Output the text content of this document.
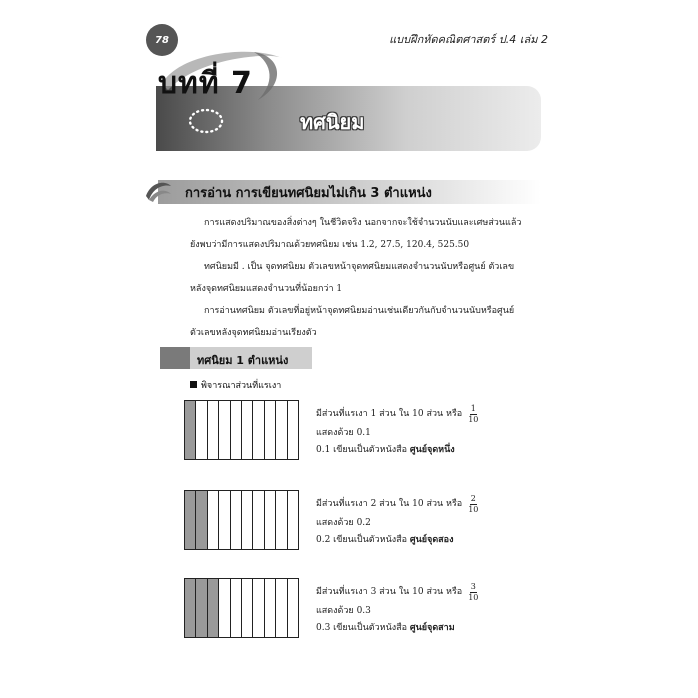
78	แบบฝึกหัดคณิตศาสตร์ ป.4 เล่ม 2
บทที่ 7
ทศนิยม
การอ่าน การเขียนทศนิยมไม่เกิน 3 ตำแหน่ง
การแสดงปริมาณของสิ่งต่างๆ ในชีวิตจริง นอกจากจะใช้จำนวนนับและเศษส่วนแล้ว
ยังพบว่ามีการแสดงปริมาณด้วยทศนิยม เช่น 1.2, 27.5, 120.4, 525.50
ทศนิยมมี . เป็น จุดทศนิยม ตัวเลขหน้าจุดทศนิยมแสดงจำนวนนับหรือศูนย์ ตัวเลข
หลังจุดทศนิยมแสดงจำนวนที่น้อยกว่า 1
การอ่านทศนิยม ตัวเลขที่อยู่หน้าจุดทศนิยมอ่านเช่นเดียวกันกับจำนวนนับหรือศูนย์
ตัวเลขหลังจุดทศนิยมอ่านเรียงตัว
ทศนิยม 1 ตำแหน่ง
พิจารณาส่วนที่แรเงา
มีส่วนที่แรเงา 1 ส่วน ใน 10 ส่วน หรือ $\frac{1}{10}$
แสดงด้วย 0.1
0.1 เขียนเป็นตัวหนังสือ ศูนย์จุดหนึ่ง
มีส่วนที่แรเงา 2 ส่วน ใน 10 ส่วน หรือ $\frac{2}{10}$
แสดงด้วย 0.2
0.2 เขียนเป็นตัวหนังสือ ศูนย์จุดสอง
มีส่วนที่แรเงา 3 ส่วน ใน 10 ส่วน หรือ $\frac{3}{10}$
แสดงด้วย 0.3
0.3 เขียนเป็นตัวหนังสือ ศูนย์จุดสาม
